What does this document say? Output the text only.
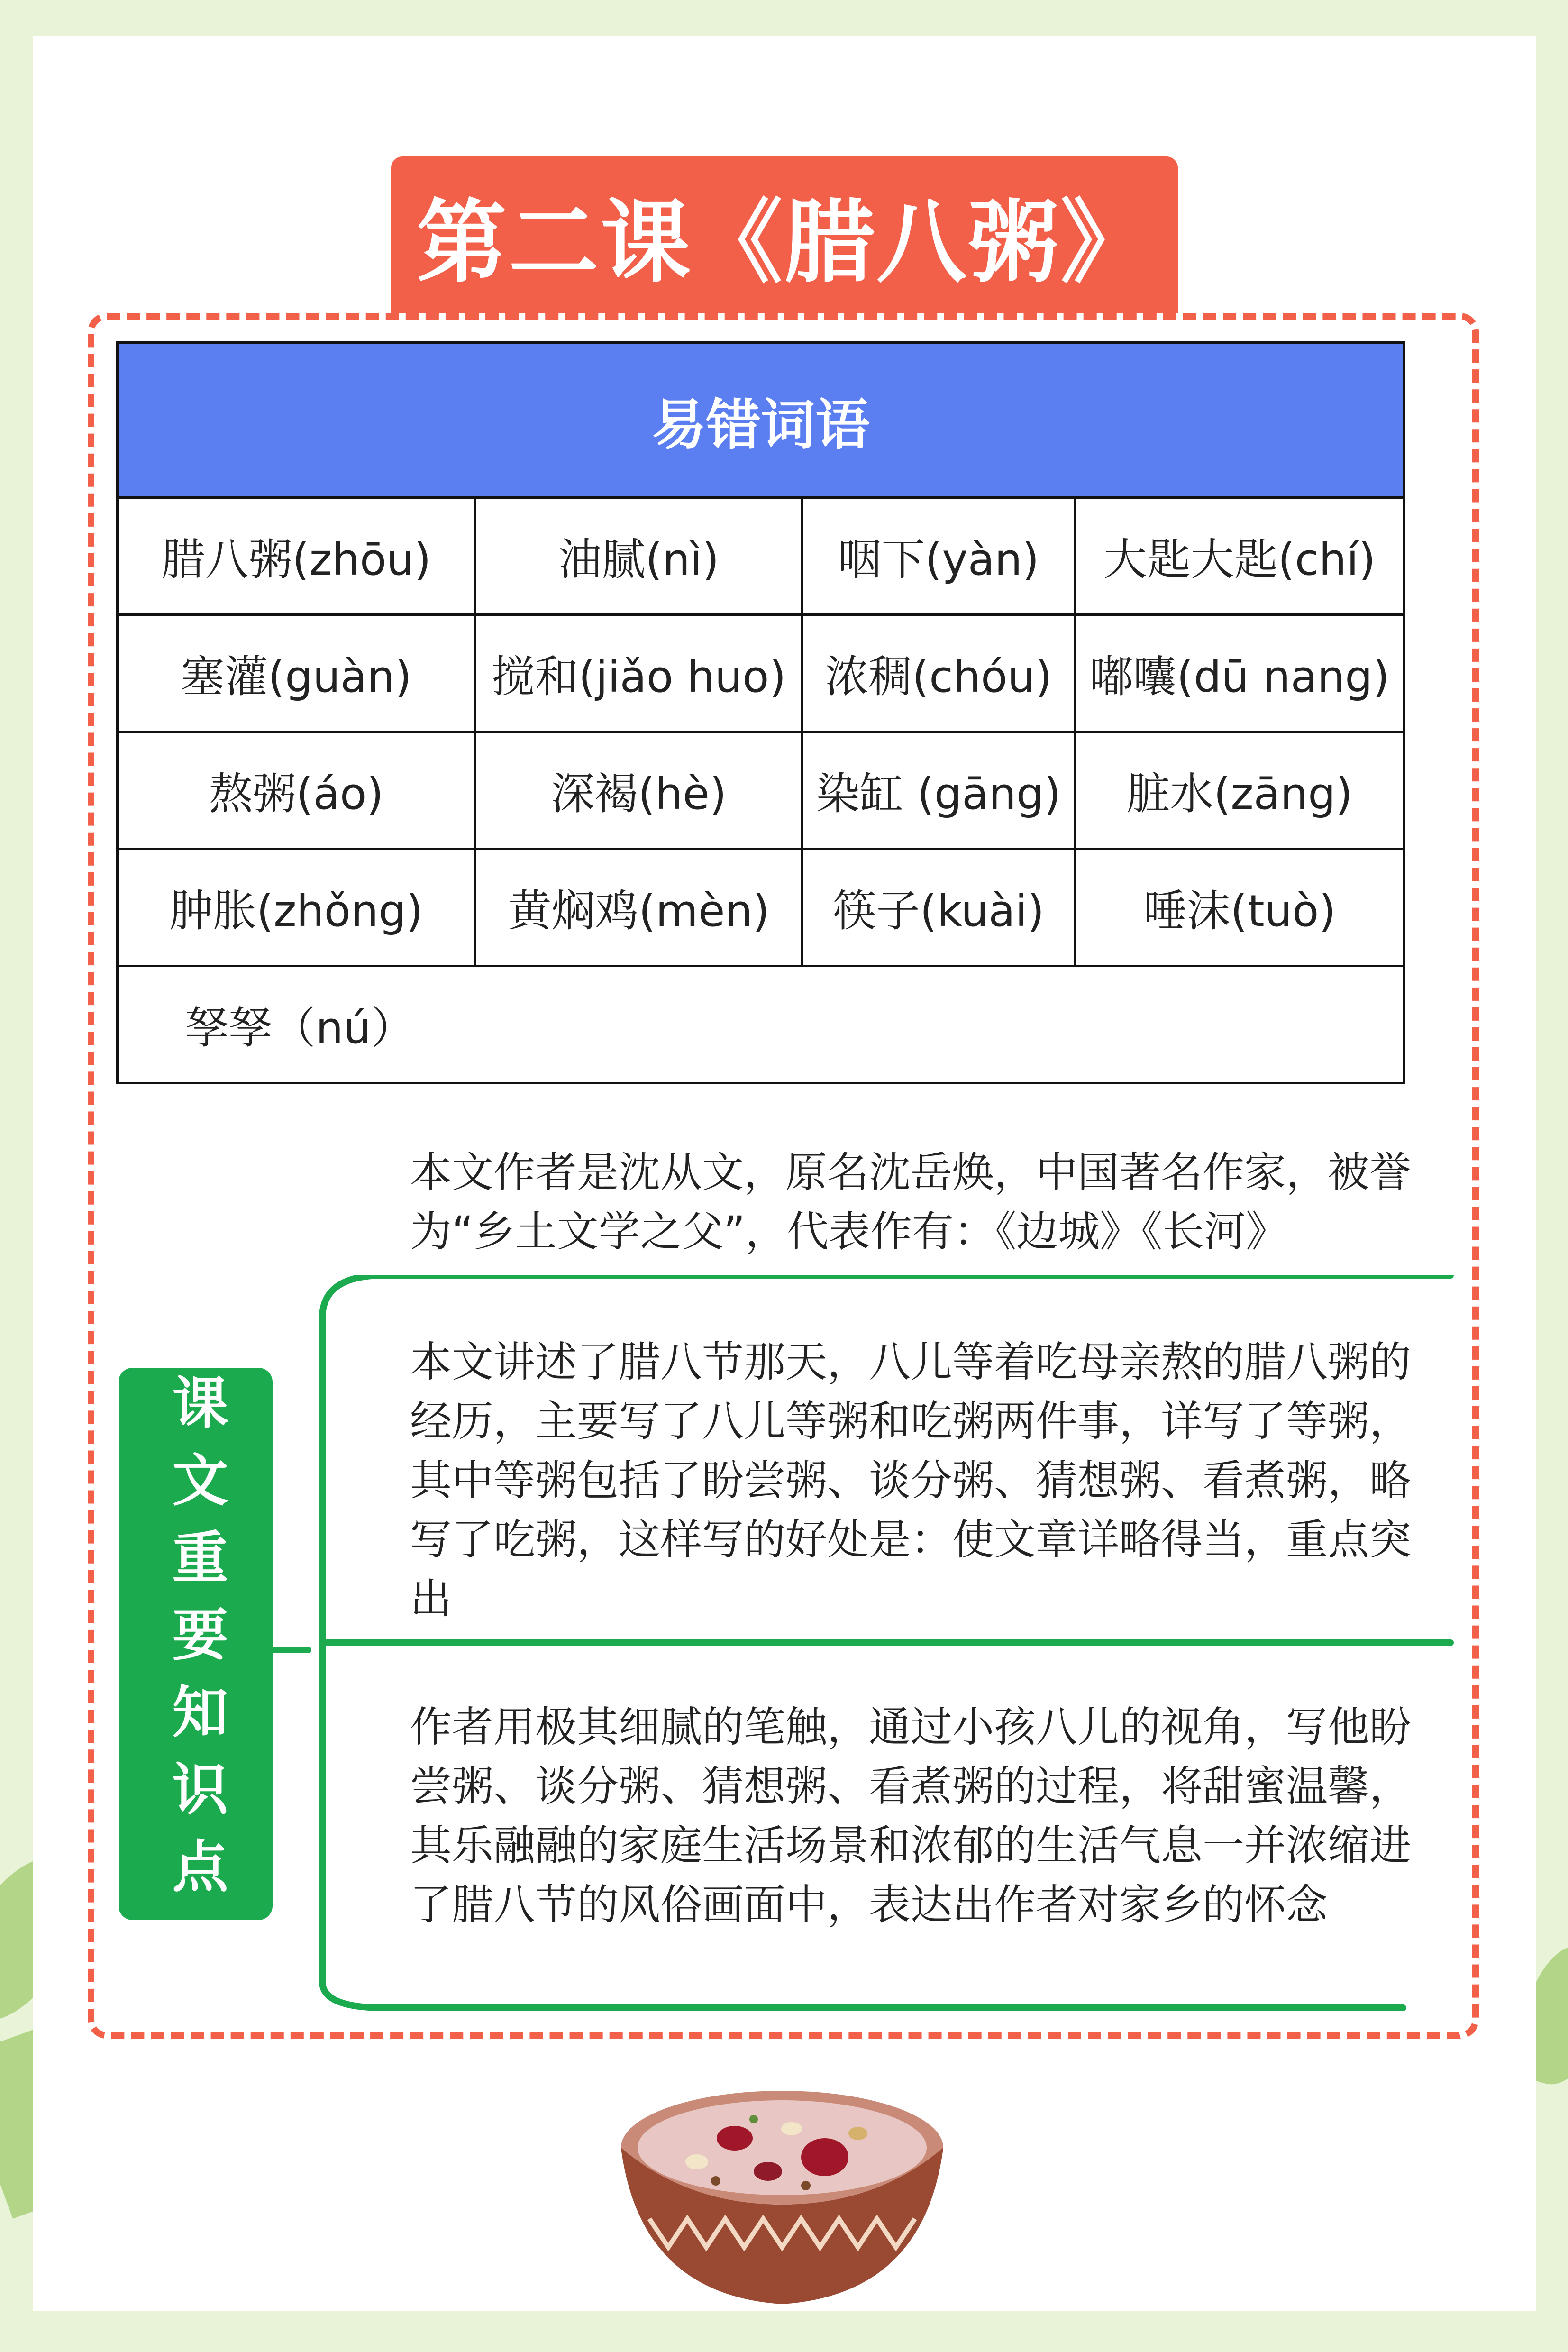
第二课《腊八粥》
易错词语			
腊八粥(zhōu)	油腻(nì)	咽下(yàn)	大匙大匙(chí)
塞灌(guàn)	搅和(jiǎo huo)	浓稠(chóu)	嘟囔(dū nang)
熬粥(áo)	深褐(hè)	染缸 (gāng)	脏水(zāng)
肿胀(zhǒng)	黄焖鸡(mèn)	筷子(kuài)	唾沫(tuò)
孥孥（nú）			
课文重要知识点
本文作者是沈从文，原名沈岳焕，中国著名作家，被誉为“乡土文学之父”，代表作有：《边城》《长河》
本文讲述了腊八节那天，八儿等着吃母亲熬的腊八粥的经历，主要写了八儿等粥和吃粥两件事，详写了等粥，其中等粥包括了盼尝粥、谈分粥、猜想粥、看煮粥，略写了吃粥，这样写的好处是：使文章详略得当，重点突出
作者用极其细腻的笔触，通过小孩八儿的视角，写他盼尝粥、谈分粥、猜想粥、看煮粥的过程，将甜蜜温馨，其乐融融的家庭生活场景和浓郁的生活气息一并浓缩进了腊八节的风俗画面中，表达出作者对家乡的怀念
